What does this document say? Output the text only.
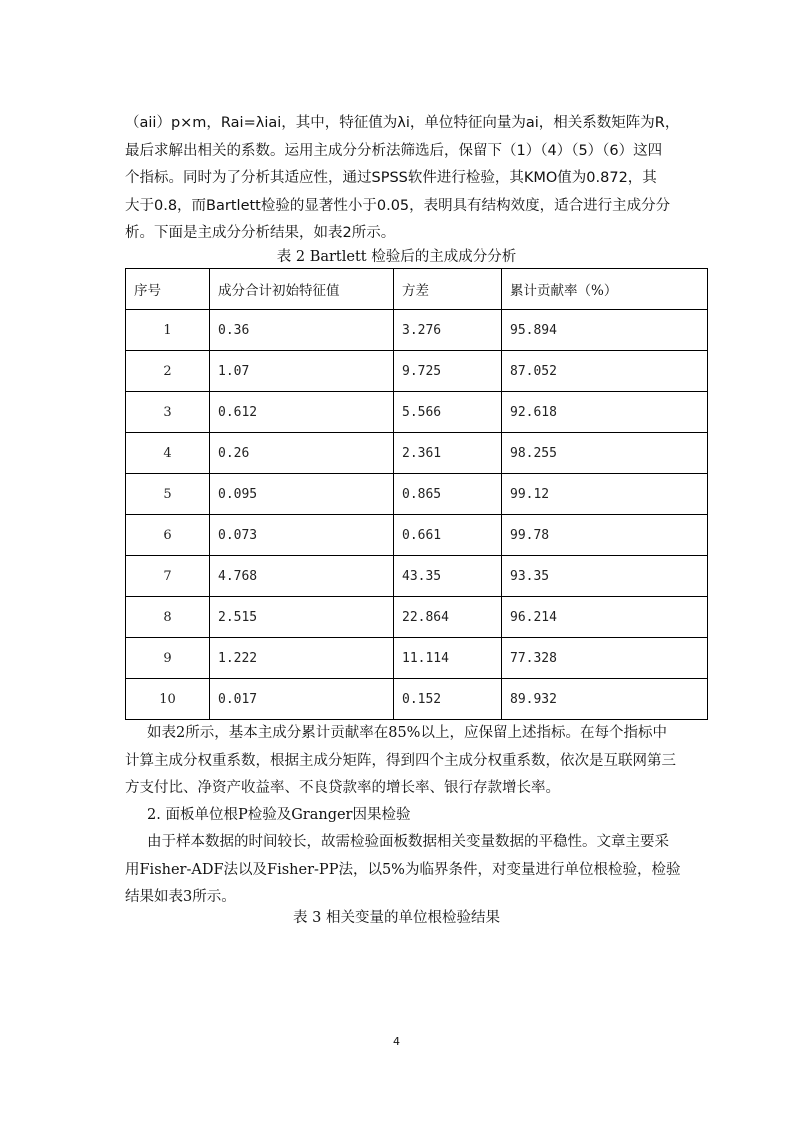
（aii）p×m，Rai=λiai，其中，特征值为λi，单位特征向量为ai，相关系数矩阵为R，
最后求解出相关的系数。运用主成分分析法筛选后，保留下（1）（4）（5）（6）这四
个指标。同时为了分析其适应性，通过SPSS软件进行检验，其KMO值为0.872，其
大于0.8，而Bartlett检验的显著性小于0.05，表明具有结构效度，适合进行主成分分
析。下面是主成分分析结果，如表2所示。
表 2 Bartlett 检验后的主成成分分析
序号	成分合计初始特征值	方差	累计贡献率（%）
1	0.36	3.276	95.894
2	1.07	9.725	87.052
3	0.612	5.566	92.618
4	0.26	2.361	98.255
5	0.095	0.865	99.12
6	0.073	0.661	99.78
7	4.768	43.35	93.35
8	2.515	22.864	96.214
9	1.222	11.114	77.328
10	0.017	0.152	89.932
如表2所示，基本主成分累计贡献率在85%以上，应保留上述指标。在每个指标中
计算主成分权重系数，根据主成分矩阵，得到四个主成分权重系数，依次是互联网第三
方支付比、净资产收益率、不良贷款率的增长率、银行存款增长率。
2. 面板单位根P检验及Granger因果检验
由于样本数据的时间较长，故需检验面板数据相关变量数据的平稳性。文章主要采
用Fisher-ADF法以及Fisher-PP法，以5%为临界条件，对变量进行单位根检验，检验
结果如表3所示。
表 3 相关变量的单位根检验结果
4
